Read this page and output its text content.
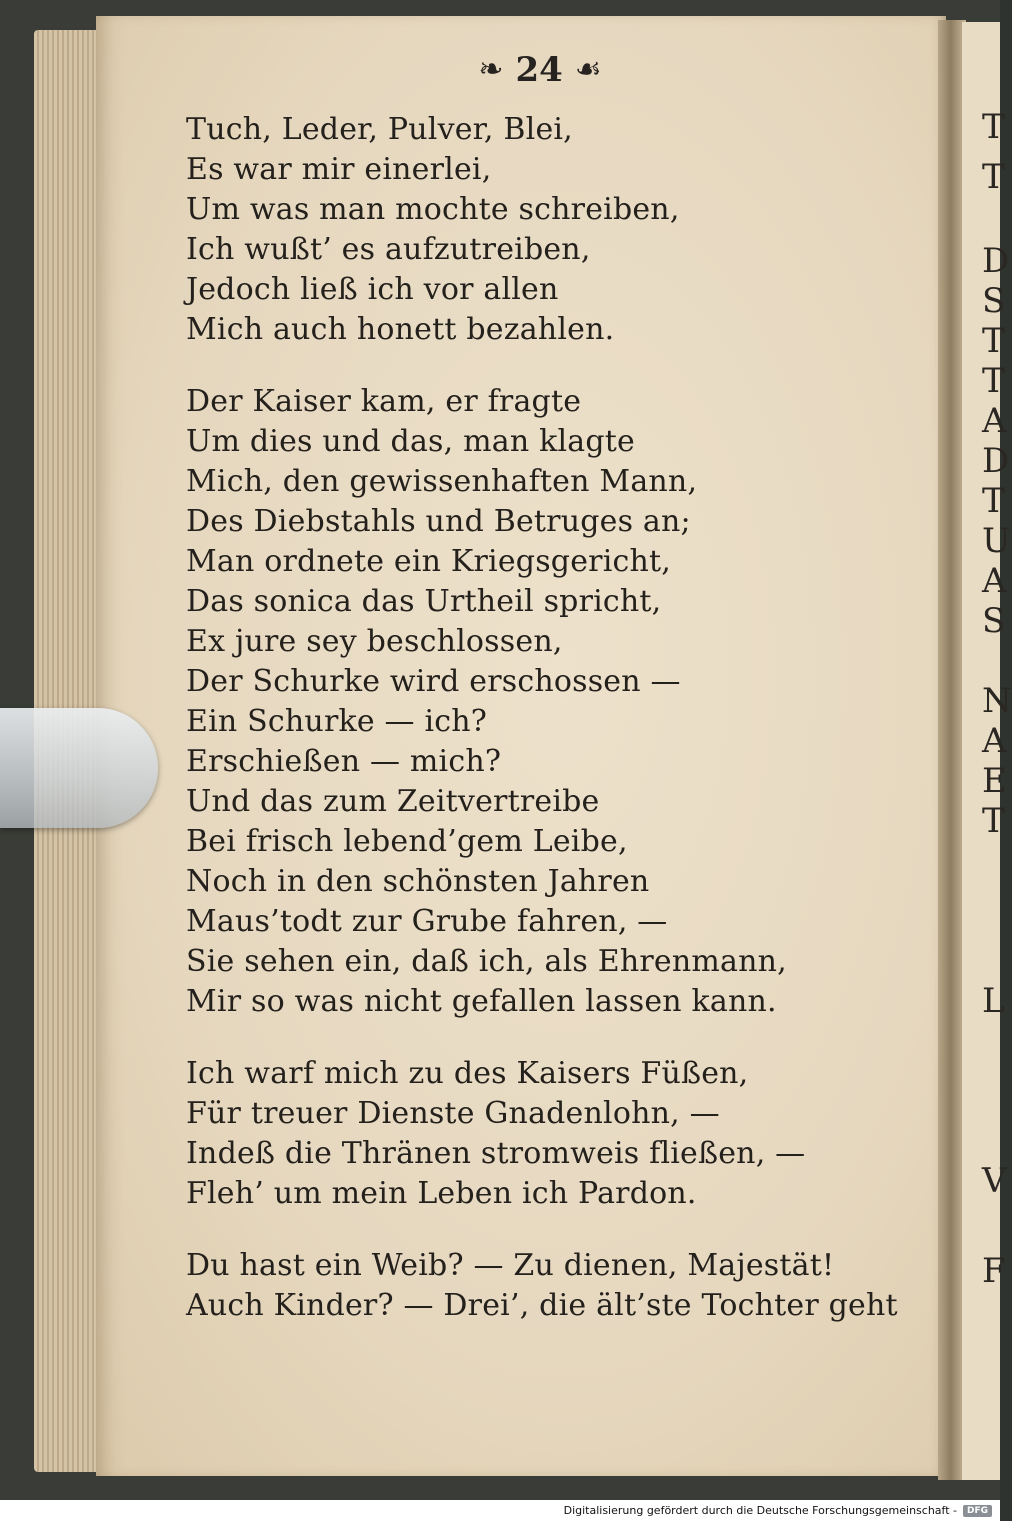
T
T
D
S
T
T
A
D
T
U
A
S
N
A
E
T
L
V
F
❧ 24 ☙
Tuch, Leder, Pulver, Blei,
Es war mir einerlei,
Um was man mochte schreiben,
Ich wußt’ es aufzutreiben,
Jedoch ließ ich vor allen
Mich auch honett bezahlen.
Der Kaiser kam, er fragte
Um dies und das, man klagte
Mich, den gewissenhaften Mann,
Des Diebstahls und Betruges an;
Man ordnete ein Kriegsgericht,
Das sonica das Urtheil spricht,
Ex jure sey beschlossen,
Der Schurke wird erschossen —
Ein Schurke — ich?
Erschießen — mich?
Und das zum Zeitvertreibe
Bei frisch lebend’gem Leibe,
Noch in den schönsten Jahren
Maus’todt zur Grube fahren, —
Sie sehen ein, daß ich, als Ehrenmann,
Mir so was nicht gefallen lassen kann.
Ich warf mich zu des Kaisers Füßen,
Für treuer Dienste Gnadenlohn, —
Indeß die Thränen stromweis fließen, —
Fleh’ um mein Leben ich Pardon.
Du hast ein Weib? — Zu dienen, Majestät!
Auch Kinder? — Drei’, die ält’ste Tochter geht
Digitalisierung gefördert durch die Deutsche Forschungsgemeinschaft -	DFG
